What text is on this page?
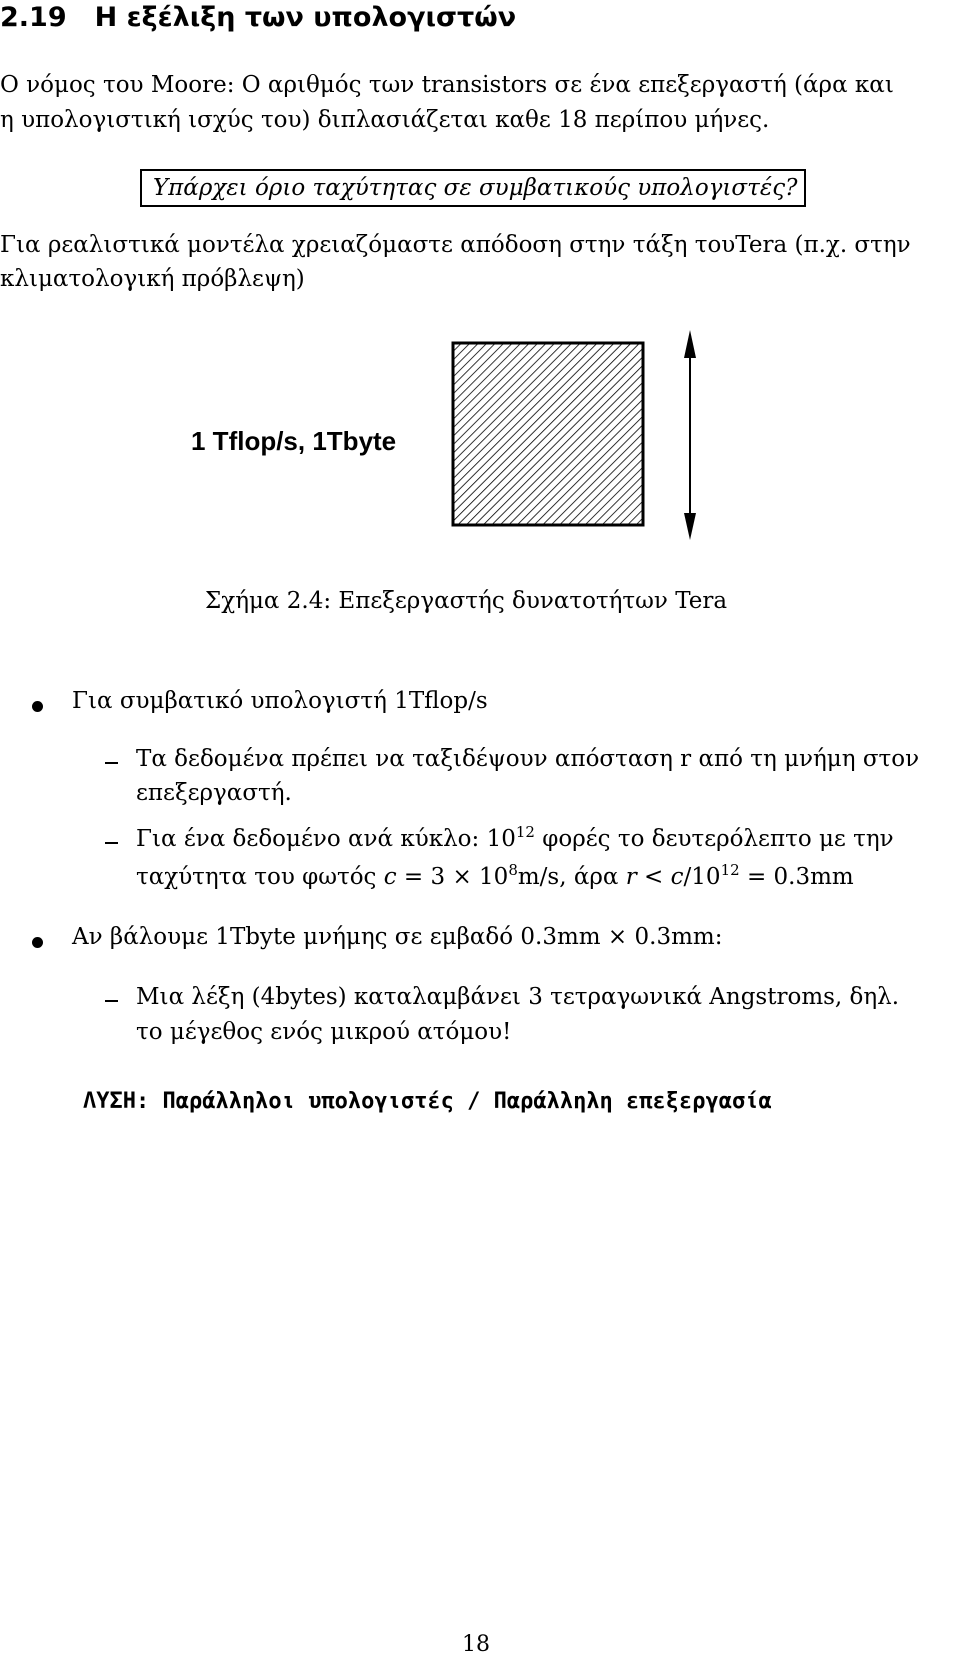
2.19 Η εξέλιξη των υπολογιστών
Ο νόμος του Moore: Ο αριθμός των transistors σε ένα επεξεργαστή (άρα και
η υπολογιστική ισχύς του) διπλασιάζεται καθε 18 περίπου μήνες.
Υπάρχει όριο ταχύτητας σε συμβατικούς υπολογιστές?
Για ρεαλιστικά μοντέλα χρειαζόμαστε απόδοση στην τάξη τουTera (π.χ. στην
κλιματολογική πρόβλεψη)
1 Tflop/s, 1Tbyte
Σχήμα 2.4: Επεξεργαστής δυνατοτήτων Tera
Για συμβατικό υπολογιστή 1Tflop/s
Τα δεδομένα πρέπει να ταξιδέψουν απόσταση r από τη μνήμη στον
επεξεργαστή.
Για ένα δεδομένο ανά κύκλο: $10^{12}$ φορές το δευτερόλεπτο με την
ταχύτητα του φωτός $c = 3 \times 10^8m/s$, άρα $r < c/10^{12} = 0.3mm$
Αν βάλουμε 1Tbyte μνήμης σε εμβαδό 0.3mm × 0.3mm:
Μια λέξη (4bytes) καταλαμβάνει 3 τετραγωνικά Angstroms, δηλ.
το μέγεθος ενός μικρού ατόμου!
ΛΥΣΗ: Παράλληλοι υπολογιστές / Παράλληλη επεξεργασία
18
